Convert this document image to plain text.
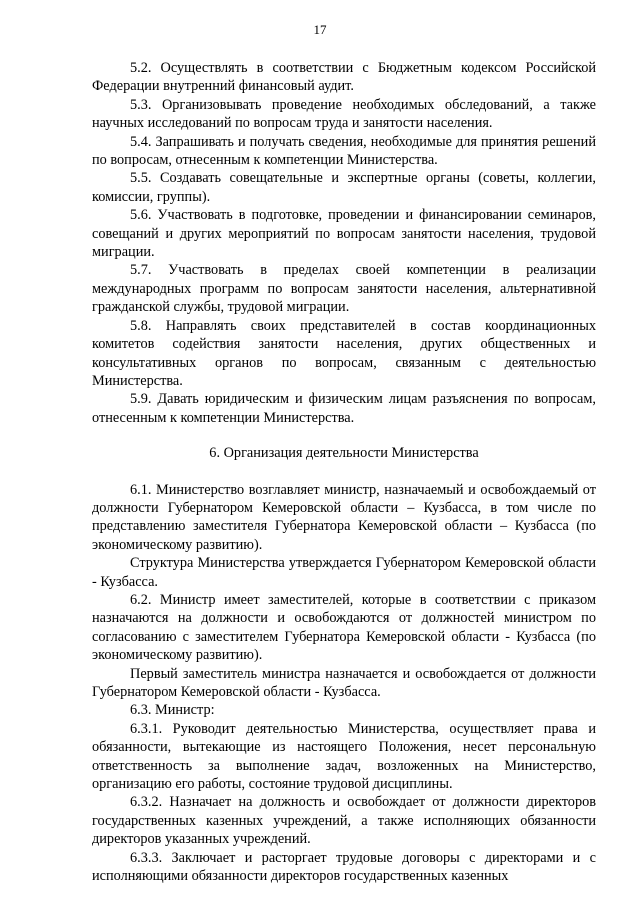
17

5.2. Осуществлять в соответствии с Бюджетным кодексом Российской Федерации внутренний финансовый аудит.

5.3. Организовывать проведение необходимых обследований, а также научных исследований по вопросам труда и занятости населения.

5.4. Запрашивать и получать сведения, необходимые для принятия решений по вопросам, отнесенным к компетенции Министерства.

5.5. Создавать совещательные и экспертные органы (советы, коллегии, комиссии, группы).

5.6. Участвовать в подготовке, проведении и финансировании семинаров, совещаний и других мероприятий по вопросам занятости населения, трудовой миграции.

5.7. Участвовать в пределах своей компетенции в реализации международных программ по вопросам занятости населения, альтернативной гражданской службы, трудовой миграции.

5.8. Направлять своих представителей в состав координационных комитетов содействия занятости населения, других общественных и консультативных органов по вопросам, связанным с деятельностью Министерства.

5.9. Давать юридическим и физическим лицам разъяснения по вопросам, отнесенным к компетенции Министерства.

6. Организация деятельности Министерства

6.1. Министерство возглавляет министр, назначаемый и освобождаемый от должности Губернатором Кемеровской области – Кузбасса, в том числе по представлению заместителя Губернатора Кемеровской области – Кузбасса (по экономическому развитию).

Структура Министерства утверждается Губернатором Кемеровской области - Кузбасса.

6.2. Министр имеет заместителей, которые в соответствии с приказом назначаются на должности и освобождаются от должностей министром по согласованию с заместителем Губернатора Кемеровской области - Кузбасса (по экономическому развитию).

Первый заместитель министра назначается и освобождается от должности Губернатором Кемеровской области - Кузбасса.

6.3. Министр:

6.3.1. Руководит деятельностью Министерства, осуществляет права и обязанности, вытекающие из настоящего Положения, несет персональную ответственность за выполнение задач, возложенных на Министерство, организацию его работы, состояние трудовой дисциплины.

6.3.2. Назначает на должность и освобождает от должности директоров государственных казенных учреждений, а также исполняющих обязанности директоров указанных учреждений.

6.3.3. Заключает и расторгает трудовые договоры с директорами и с исполняющими обязанности директоров государственных казенных
